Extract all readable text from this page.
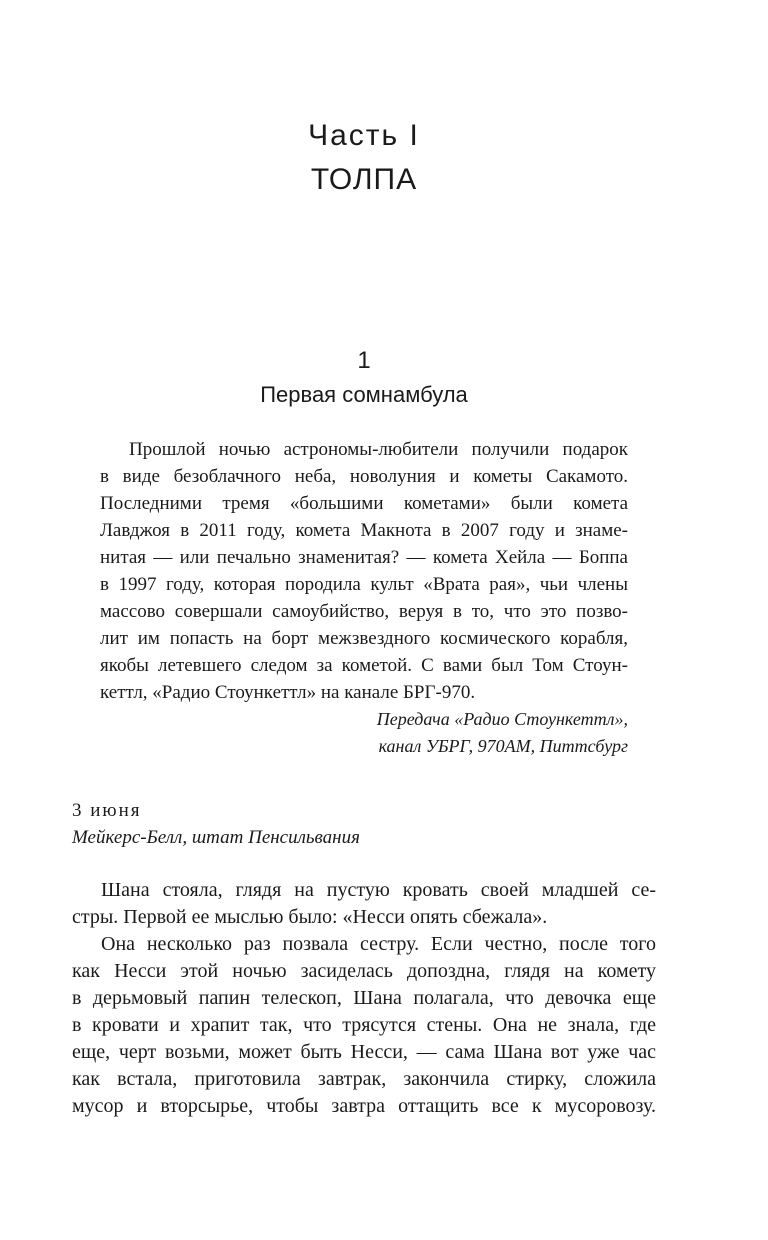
Часть I
ТОЛПА
1
Первая сомнамбула
Прошлой ночью астрономы-любители получили подарок
в виде безоблачного неба, новолуния и кометы Сакамото.
Последними тремя «большими кометами» были комета
Лавджоя в 2011 году, комета Макнота в 2007 году и знаме-
нитая — или печально знаменитая? — комета Хейла — Боппа
в 1997 году, которая породила культ «Врата рая», чьи члены
массово совершали самоубийство, веруя в то, что это позво-
лит им попасть на борт межзвездного космического корабля,
якобы летевшего следом за кометой. С вами был Том Стоун-
кеттл, «Радио Стоункеттл» на канале БРГ-970.
Передача «Радио Стоункеттл»,
канал УБРГ, 970АМ, Питтсбург
3 июня
Мейкерс-Белл, штат Пенсильвания
Шана стояла, глядя на пустую кровать своей младшей се-
стры. Первой ее мыслью было: «Несси опять сбежала».
Она несколько раз позвала сестру. Если честно, после того
как Несси этой ночью засиделась допоздна, глядя на комету
в дерьмовый папин телескоп, Шана полагала, что девочка еще
в кровати и храпит так, что трясутся стены. Она не знала, где
еще, черт возьми, может быть Несси, — сама Шана вот уже час
как встала, приготовила завтрак, закончила стирку, сложила
мусор и вторсырье, чтобы завтра оттащить все к мусоровозу.
